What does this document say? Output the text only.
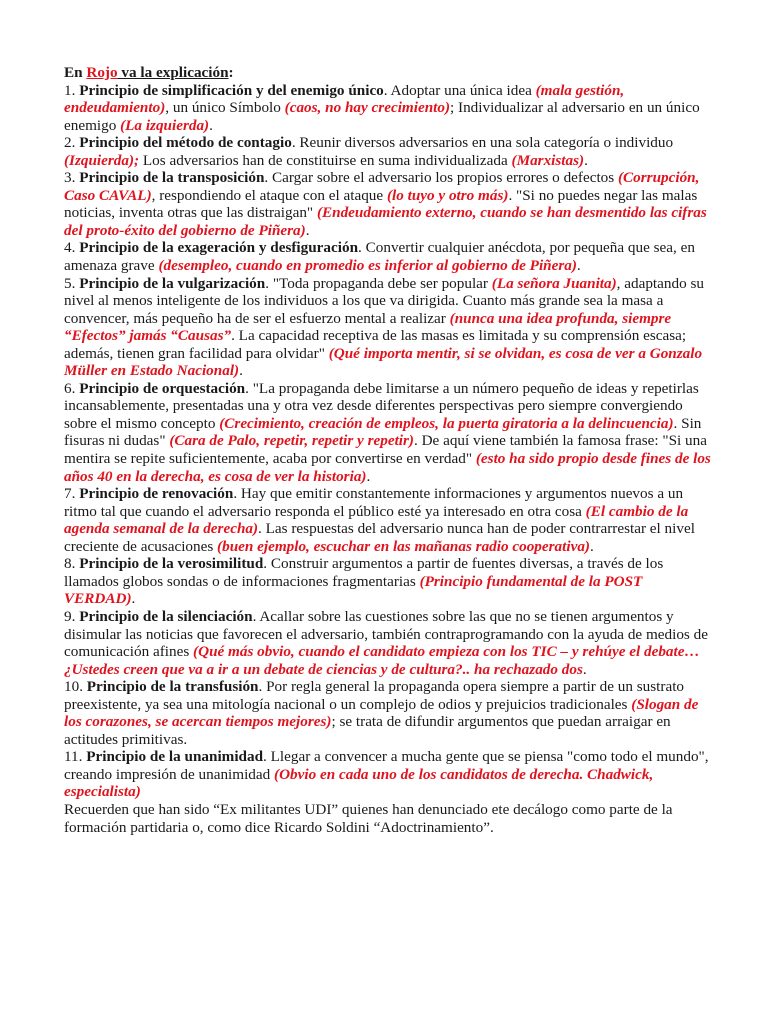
En Rojo va la explicación:

1. Principio de simplificación y del enemigo único. Adoptar una única idea (mala gestión, endeudamiento), un único Símbolo (caos, no hay crecimiento); Individualizar al adversario en un único enemigo (La izquierda).

2. Principio del método de contagio. Reunir diversos adversarios en una sola categoría o individuo (Izquierda); Los adversarios han de constituirse en suma individualizada (Marxistas).

3. Principio de la transposición. Cargar sobre el adversario los propios errores o defectos (Corrupción, Caso CAVAL), respondiendo el ataque con el ataque (lo tuyo y otro más). "Si no puedes negar las malas noticias, inventa otras que las distraigan" (Endeudamiento externo, cuando se han desmentido las cifras del proto-éxito del gobierno de Piñera).

4. Principio de la exageración y desfiguración. Convertir cualquier anécdota, por pequeña que sea, en amenaza grave (desempleo, cuando en promedio es inferior al gobierno de Piñera).

5. Principio de la vulgarización. "Toda propaganda debe ser popular (La señora Juanita), adaptando su nivel al menos inteligente de los individuos a los que va dirigida. Cuanto más grande sea la masa a convencer, más pequeño ha de ser el esfuerzo mental a realizar (nunca una idea profunda, siempre “Efectos” jamás “Causas”. La capacidad receptiva de las masas es limitada y su comprensión escasa; además, tienen gran facilidad para olvidar" (Qué importa mentir, si se olvidan, es cosa de ver a Gonzalo Müller en Estado Nacional).

6. Principio de orquestación. "La propaganda debe limitarse a un número pequeño de ideas y repetirlas incansablemente, presentadas una y otra vez desde diferentes perspectivas pero siempre convergiendo sobre el mismo concepto (Crecimiento, creación de empleos, la puerta giratoria a la delincuencia). Sin fisuras ni dudas" (Cara de Palo, repetir, repetir y repetir). De aquí viene también la famosa frase: "Si una mentira se repite suficientemente, acaba por convertirse en verdad" (esto ha sido propio desde fines de los años 40 en la derecha, es cosa de ver la historia).

7. Principio de renovación. Hay que emitir constantemente informaciones y argumentos nuevos a un ritmo tal que cuando el adversario responda el público esté ya interesado en otra cosa (El cambio de la agenda semanal de la derecha). Las respuestas del adversario nunca han de poder contrarrestar el nivel creciente de acusaciones (buen ejemplo, escuchar en las mañanas radio cooperativa).

8. Principio de la verosimilitud. Construir argumentos a partir de fuentes diversas, a través de los llamados globos sondas o de informaciones fragmentarias (Principio fundamental de la POST VERDAD).

9. Principio de la silenciación. Acallar sobre las cuestiones sobre las que no se tienen argumentos y disimular las noticias que favorecen el adversario, también contraprogramando con la ayuda de medios de comunicación afines (Qué más obvio, cuando el candidato empieza con los TIC – y rehúye el debate…¿Ustedes creen que va a ir a un debate de ciencias y de cultura?.. ha rechazado dos.

10. Principio de la transfusión. Por regla general la propaganda opera siempre a partir de un sustrato preexistente, ya sea una mitología nacional o un complejo de odios y prejuicios tradicionales (Slogan de los corazones, se acercan tiempos mejores); se trata de difundir argumentos que puedan arraigar en actitudes primitivas.

11. Principio de la unanimidad. Llegar a convencer a mucha gente que se piensa "como todo el mundo", creando impresión de unanimidad (Obvio en cada uno de los candidatos de derecha. Chadwick, especialista)

Recuerden que han sido “Ex militantes UDI” quienes han denunciado ete decálogo como parte de la formación partidaria o, como dice Ricardo Soldini “Adoctrinamiento”.
